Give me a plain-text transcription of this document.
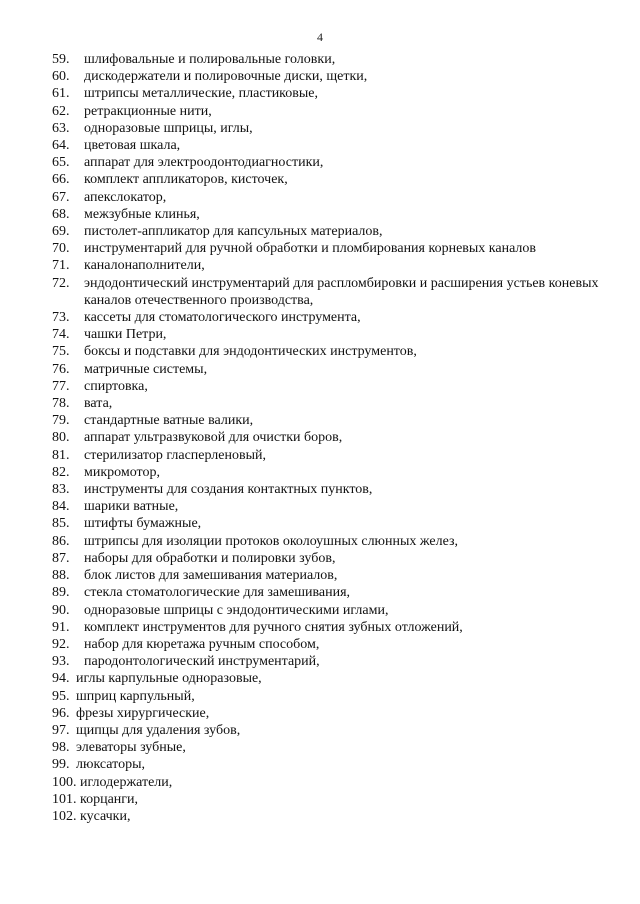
4
59.	шлифовальные и полировальные головки,
60.	дискодержатели и полировочные диски, щетки,
61.	штрипсы металлические, пластиковые,
62.	ретракционные нити,
63.	одноразовые шприцы, иглы,
64.	цветовая шкала,
65.	аппарат для электроодонтодиагностики,
66.	комплект аппликаторов, кисточек,
67.	апекслокатор,
68.	межзубные клинья,
69.	пистолет-аппликатор для капсульных материалов,
70.	инструментарий для ручной обработки и пломбирования корневых каналов
71.	каналонаполнители,
72.	эндодонтический инструментарий для распломбировки и расширения устьев коневых каналов отечественного производства,
73.	кассеты для стоматологического инструмента,
74.	чашки Петри,
75.	боксы и подставки для эндодонтических инструментов,
76.	матричные системы,
77.	спиртовка,
78.	вата,
79.	стандартные ватные валики,
80.	аппарат ультразвуковой для очистки боров,
81.	стерилизатор гласперленовый,
82.	микромотор,
83.	инструменты для создания контактных пунктов,
84.	шарики ватные,
85.	штифты бумажные,
86.	штрипсы для изоляции протоков околоушных слюнных желез,
87.	наборы для обработки и полировки зубов,
88.	блок листов для замешивания материалов,
89.	стекла стоматологические для замешивания,
90.	одноразовые шприцы с эндодонтическими иглами,
91.	комплект инструментов для ручного снятия зубных отложений,
92.	набор для кюретажа ручным способом,
93.	пародонтологический инструментарий,
94. иглы карпульные одноразовые,
95. шприц карпульный,
96. фрезы хирургические,
97. щипцы для удаления зубов,
98. элеваторы зубные,
99. люксаторы,
100. иглодержатели,
101. корцанги,
102. кусачки,
